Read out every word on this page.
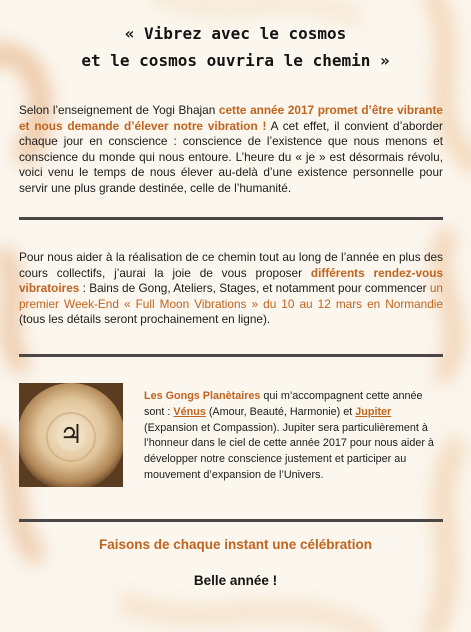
« Vibrez avec le cosmos
et le cosmos ouvrira le chemin »
Selon l’enseignement de Yogi Bhajan cette année 2017 promet d’être vibrante et nous demande d’élever notre vibration ! A cet effet, il convient d’aborder chaque jour en conscience : conscience de l’existence que nous menons et conscience du monde qui nous entoure. L’heure du « je » est désormais révolu, voici venu le temps de nous élever au-delà d’une existence personnelle pour servir une plus grande destinée, celle de l’humanité.
Pour nous aider à la réalisation de ce chemin tout au long de l’année en plus des cours collectifs, j’aurai la joie de vous proposer différents rendez-vous vibratoires : Bains de Gong, Ateliers, Stages, et notamment pour commencer un premier Week-End « Full Moon Vibrations » du 10 au 12 mars en Normandie (tous les détails seront prochainement en ligne).
♃
Les Gongs Planètaires qui m’accompagnent cette année sont : Vénus (Amour, Beauté, Harmonie) et Jupiter (Expansion et Compassion). Jupiter sera particulièrement à l’honneur dans le ciel de cette année 2017 pour nous aider à développer notre conscience justement et participer au mouvement d’expansion de l’Univers.
Faisons de chaque instant une célébration
Belle année !
